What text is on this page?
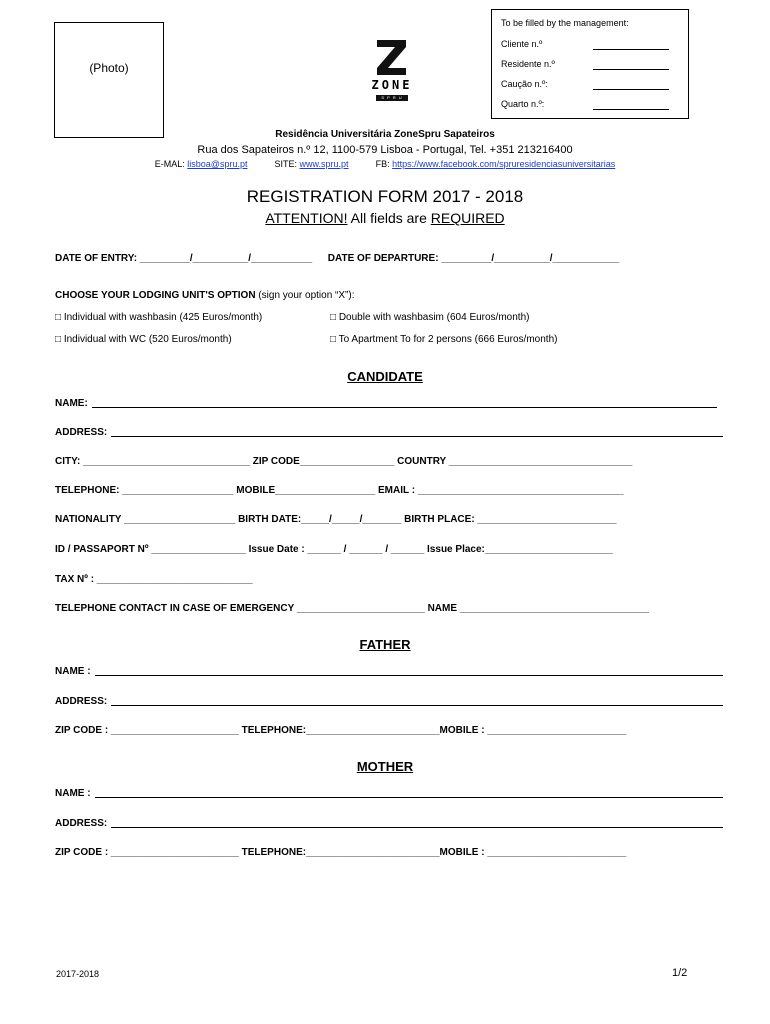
(Photo)
ZONE
S P R U
To be filled by the management:
Cliente n.º
Residente n.º
Caução n.º:
Quarto n.º:
Residência Universitária ZoneSpru Sapateiros
Rua dos Sapateiros n.º 12, 1100-579 Lisboa - Portugal, Tel. +351 213216400
E-MAL: lisboa@spru.pt	SITE: www.spru.pt	FB: https://www.facebook.com/spruresidenciasuniversitarias
REGISTRATION FORM 2017 - 2018
ATTENTION! All fields are REQUIRED
DATE OF ENTRY: _________/__________/___________ DATE OF DEPARTURE: _________/__________/____________
CHOOSE YOUR LODGING UNIT'S OPTION (sign your option “X”):
□ Individual with washbasin (425 Euros/month)	□ Double with washbasim (604 Euros/month)
□ Individual with WC (520 Euros/month)	□ To Apartment To for 2 persons (666 Euros/month)
CANDIDATE
NAME:
ADDRESS:
CITY: ______________________________ ZIP CODE_________________ COUNTRY _________________________________
TELEPHONE: ____________________ MOBILE__________________ EMAIL : _____________________________________
NATIONALITY ____________________ BIRTH DATE:_____/_____/_______ BIRTH PLACE: _________________________
ID / PASSAPORT Nº _________________ Issue Date : ______ / ______ / ______ Issue Place:_______________________
TAX Nº : ____________________________
TELEPHONE CONTACT IN CASE OF EMERGENCY _______________________ NAME __________________________________
FATHER
NAME :
ADDRESS:
ZIP CODE : _______________________ TELEPHONE:________________________MOBILE : _________________________
MOTHER
NAME :
ADDRESS:
ZIP CODE : _______________________ TELEPHONE:________________________MOBILE : _________________________
2017-2018	1/2
